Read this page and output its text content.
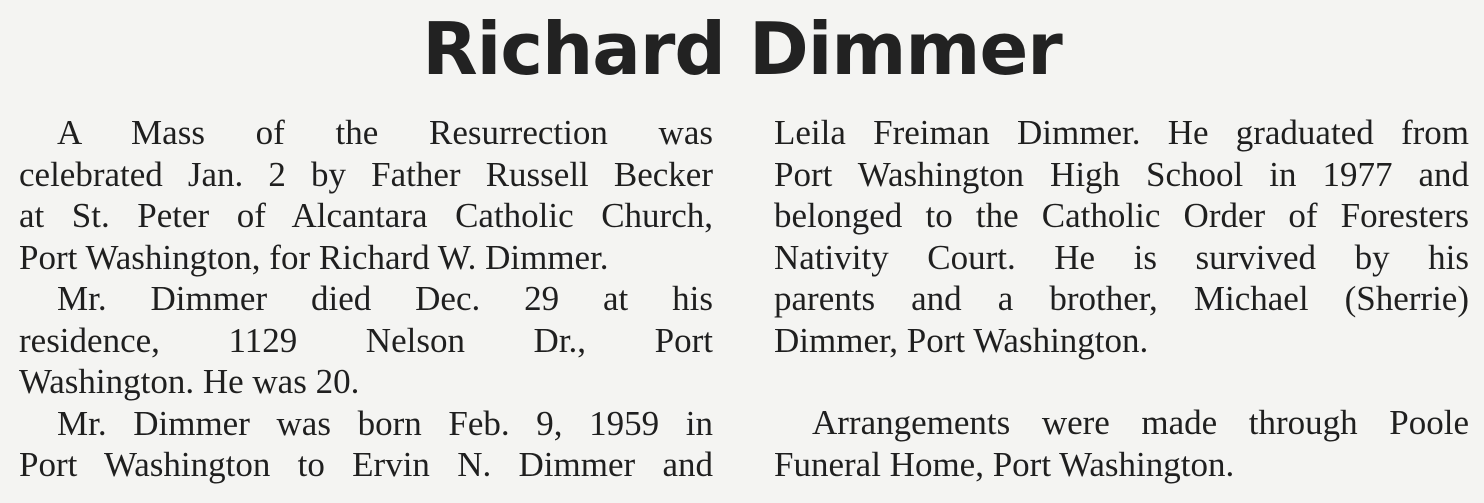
Richard Dimmer
A Mass of the Resurrection was
celebrated Jan. 2 by Father Russell Becker
at St. Peter of Alcantara Catholic Church,
Port Washington, for Richard W. Dimmer.
Mr. Dimmer died Dec. 29 at his
residence, 1129 Nelson Dr., Port
Washington. He was 20.
Mr. Dimmer was born Feb. 9, 1959 in
Port Washington to Ervin N. Dimmer and
Leila Freiman Dimmer. He graduated from
Port Washington High School in 1977 and
belonged to the Catholic Order of Foresters
Nativity Court. He is survived by his
parents and a brother, Michael (Sherrie)
Dimmer, Port Washington.
Arrangements were made through Poole
Funeral Home, Port Washington.
